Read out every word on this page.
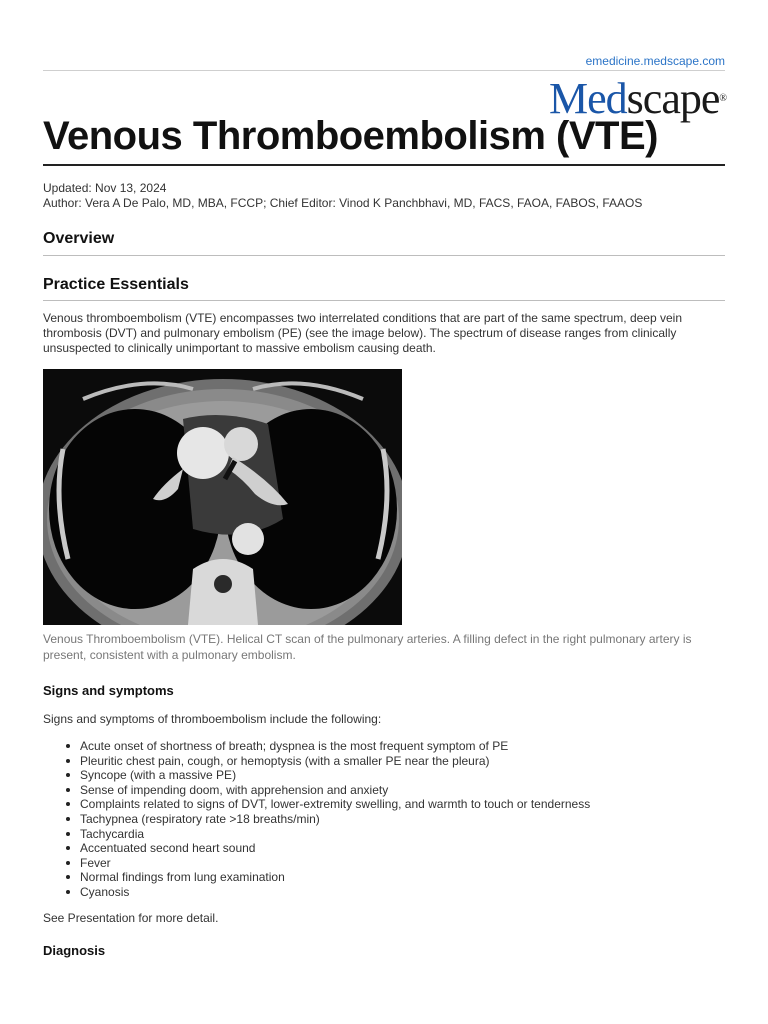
emedicine.medscape.com
Medscape®
Venous Thromboembolism (VTE)
Updated: Nov 13, 2024
Author: Vera A De Palo, MD, MBA, FCCP; Chief Editor: Vinod K Panchbhavi, MD, FACS, FAOA, FABOS, FAAOS
Overview
Practice Essentials

Venous thromboembolism (VTE) encompasses two interrelated conditions that are part of the same spectrum, deep vein thrombosis (DVT) and pulmonary embolism (PE) (see the image below). The spectrum of disease ranges from clinically unsuspected to clinically unimportant to massive embolism causing death.

Venous Thromboembolism (VTE). Helical CT scan of the pulmonary arteries. A filling defect in the right pulmonary artery is present, consistent with a pulmonary embolism.

Signs and symptoms

Signs and symptoms of thromboembolism include the following:

Acute onset of shortness of breath; dyspnea is the most frequent symptom of PE
Pleuritic chest pain, cough, or hemoptysis (with a smaller PE near the pleura)
Syncope (with a massive PE)
Sense of impending doom, with apprehension and anxiety
Complaints related to signs of DVT, lower-extremity swelling, and warmth to touch or tenderness
Tachypnea (respiratory rate >18 breaths/min)
Tachycardia
Accentuated second heart sound
Fever
Normal findings from lung examination
Cyanosis

See Presentation for more detail.

Diagnosis
